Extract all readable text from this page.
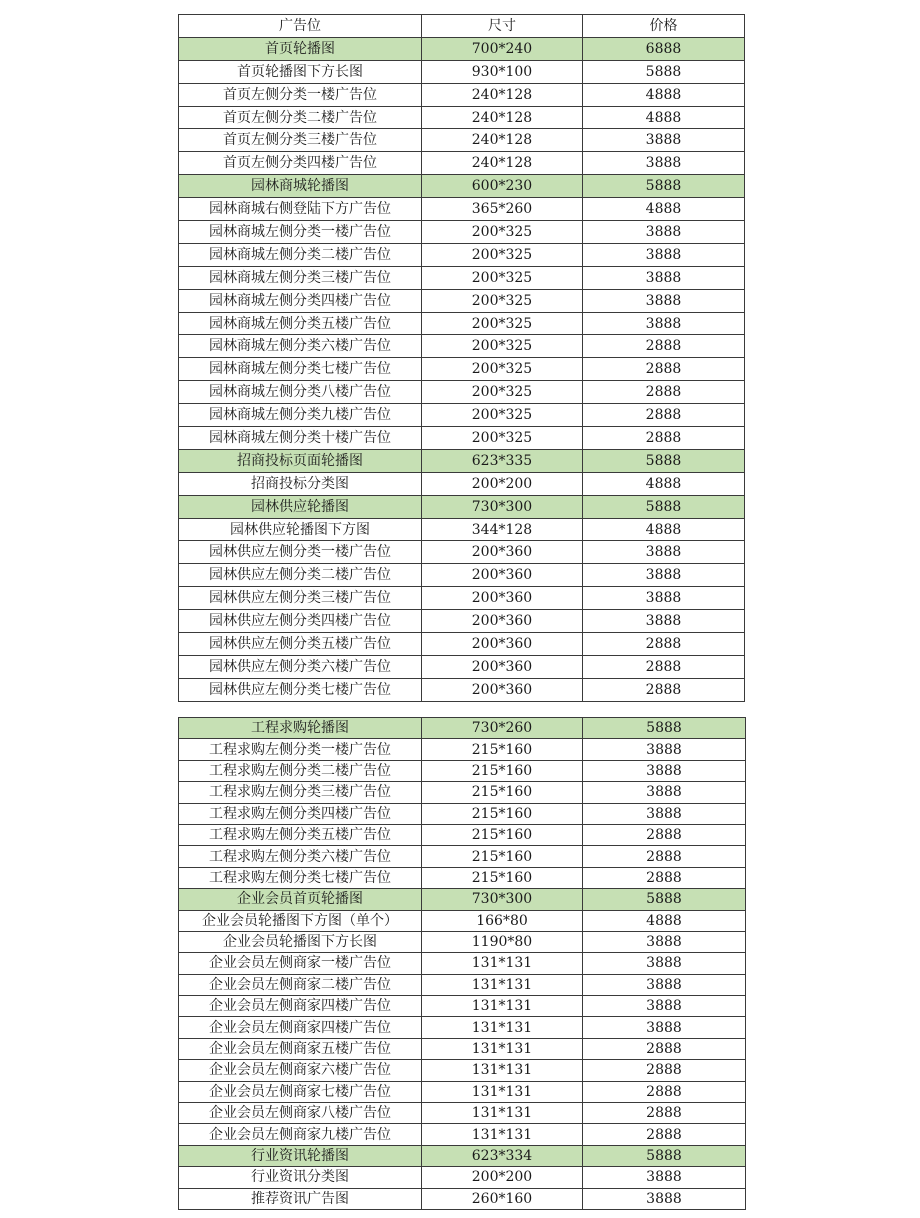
广告位	尺寸	价格
首页轮播图	700*240	6888
首页轮播图下方长图	930*100	5888
首页左侧分类一楼广告位	240*128	4888
首页左侧分类二楼广告位	240*128	4888
首页左侧分类三楼广告位	240*128	3888
首页左侧分类四楼广告位	240*128	3888
园林商城轮播图	600*230	5888
园林商城右侧登陆下方广告位	365*260	4888
园林商城左侧分类一楼广告位	200*325	3888
园林商城左侧分类二楼广告位	200*325	3888
园林商城左侧分类三楼广告位	200*325	3888
园林商城左侧分类四楼广告位	200*325	3888
园林商城左侧分类五楼广告位	200*325	3888
园林商城左侧分类六楼广告位	200*325	2888
园林商城左侧分类七楼广告位	200*325	2888
园林商城左侧分类八楼广告位	200*325	2888
园林商城左侧分类九楼广告位	200*325	2888
园林商城左侧分类十楼广告位	200*325	2888
招商投标页面轮播图	623*335	5888
招商投标分类图	200*200	4888
园林供应轮播图	730*300	5888
园林供应轮播图下方图	344*128	4888
园林供应左侧分类一楼广告位	200*360	3888
园林供应左侧分类二楼广告位	200*360	3888
园林供应左侧分类三楼广告位	200*360	3888
园林供应左侧分类四楼广告位	200*360	3888
园林供应左侧分类五楼广告位	200*360	2888
园林供应左侧分类六楼广告位	200*360	2888
园林供应左侧分类七楼广告位	200*360	2888
工程求购轮播图	730*260	5888
工程求购左侧分类一楼广告位	215*160	3888
工程求购左侧分类二楼广告位	215*160	3888
工程求购左侧分类三楼广告位	215*160	3888
工程求购左侧分类四楼广告位	215*160	3888
工程求购左侧分类五楼广告位	215*160	2888
工程求购左侧分类六楼广告位	215*160	2888
工程求购左侧分类七楼广告位	215*160	2888
企业会员首页轮播图	730*300	5888
企业会员轮播图下方图（单个）	166*80	4888
企业会员轮播图下方长图	1190*80	3888
企业会员左侧商家一楼广告位	131*131	3888
企业会员左侧商家二楼广告位	131*131	3888
企业会员左侧商家四楼广告位	131*131	3888
企业会员左侧商家四楼广告位	131*131	3888
企业会员左侧商家五楼广告位	131*131	2888
企业会员左侧商家六楼广告位	131*131	2888
企业会员左侧商家七楼广告位	131*131	2888
企业会员左侧商家八楼广告位	131*131	2888
企业会员左侧商家九楼广告位	131*131	2888
行业资讯轮播图	623*334	5888
行业资讯分类图	200*200	3888
推荐资讯广告图	260*160	3888
